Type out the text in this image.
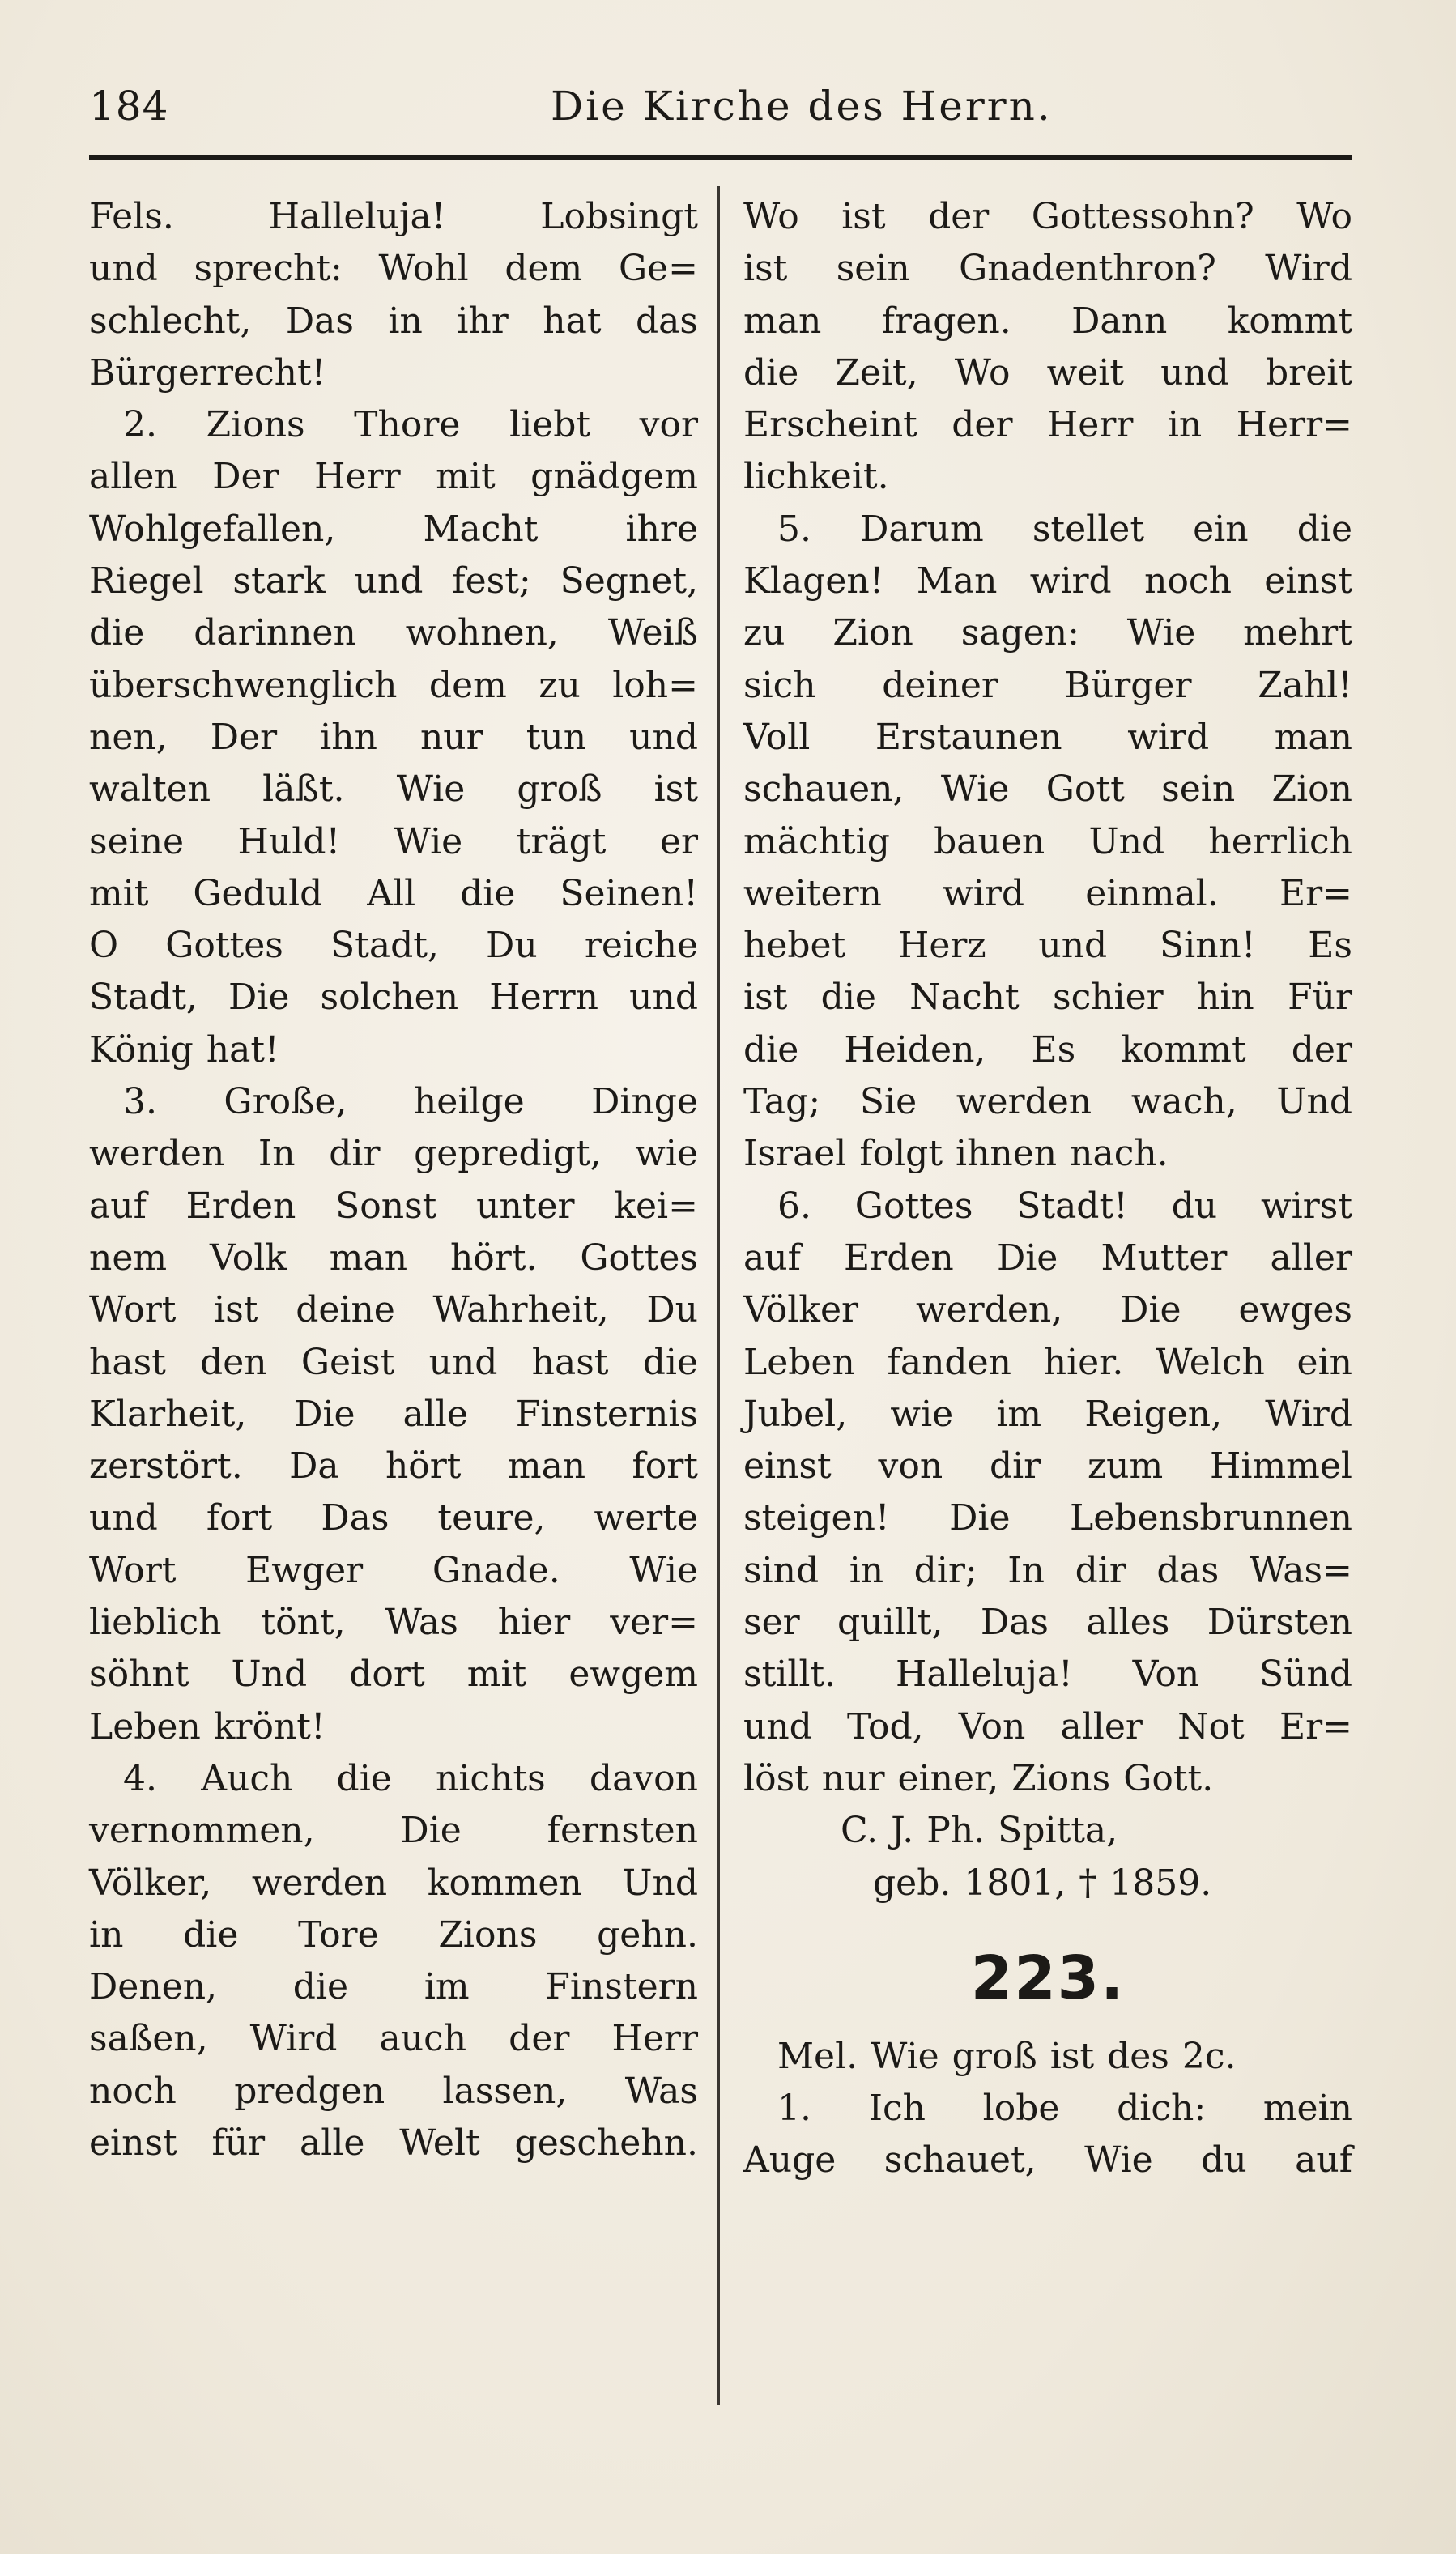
184	Die Kirche des Herrn.
Fels. Halleluja! Lobsingt
und sprecht: Wohl dem Ge=
schlecht, Das in ihr hat das
Bürgerrecht!
2. Zions Thore liebt vor
allen Der Herr mit gnädgem
Wohlgefallen, Macht ihre
Riegel stark und fest; Segnet,
die darinnen wohnen, Weiß
überschwenglich dem zu loh=
nen, Der ihn nur tun und
walten läßt. Wie groß ist
seine Huld! Wie trägt er
mit Geduld All die Seinen!
O Gottes Stadt, Du reiche
Stadt, Die solchen Herrn und
König hat!
3. Große, heilge Dinge
werden In dir gepredigt, wie
auf Erden Sonst unter kei=
nem Volk man hört. Gottes
Wort ist deine Wahrheit, Du
hast den Geist und hast die
Klarheit, Die alle Finsternis
zerstört. Da hört man fort
und fort Das teure, werte
Wort Ewger Gnade. Wie
lieblich tönt, Was hier ver=
söhnt Und dort mit ewgem
Leben krönt!
4. Auch die nichts davon
vernommen, Die fernsten
Völker, werden kommen Und
in die Tore Zions gehn.
Denen, die im Finstern
saßen, Wird auch der Herr
noch predgen lassen, Was
einst für alle Welt geschehn.
Wo ist der Gottessohn? Wo
ist sein Gnadenthron? Wird
man fragen. Dann kommt
die Zeit, Wo weit und breit
Erscheint der Herr in Herr=
lichkeit.
5. Darum stellet ein die
Klagen! Man wird noch einst
zu Zion sagen: Wie mehrt
sich deiner Bürger Zahl!
Voll Erstaunen wird man
schauen, Wie Gott sein Zion
mächtig bauen Und herrlich
weitern wird einmal. Er=
hebet Herz und Sinn! Es
ist die Nacht schier hin Für
die Heiden, Es kommt der
Tag; Sie werden wach, Und
Israel folgt ihnen nach.
6. Gottes Stadt! du wirst
auf Erden Die Mutter aller
Völker werden, Die ewges
Leben fanden hier. Welch ein
Jubel, wie im Reigen, Wird
einst von dir zum Himmel
steigen! Die Lebensbrunnen
sind in dir; In dir das Was=
ser quillt, Das alles Dürsten
stillt. Halleluja! Von Sünd
und Tod, Von aller Not Er=
löst nur einer, Zions Gott.
C. J. Ph. Spitta,
geb. 1801, † 1859.
223.
Mel. Wie groß ist des 2c.
1. Ich lobe dich: mein
Auge schauet, Wie du auf
